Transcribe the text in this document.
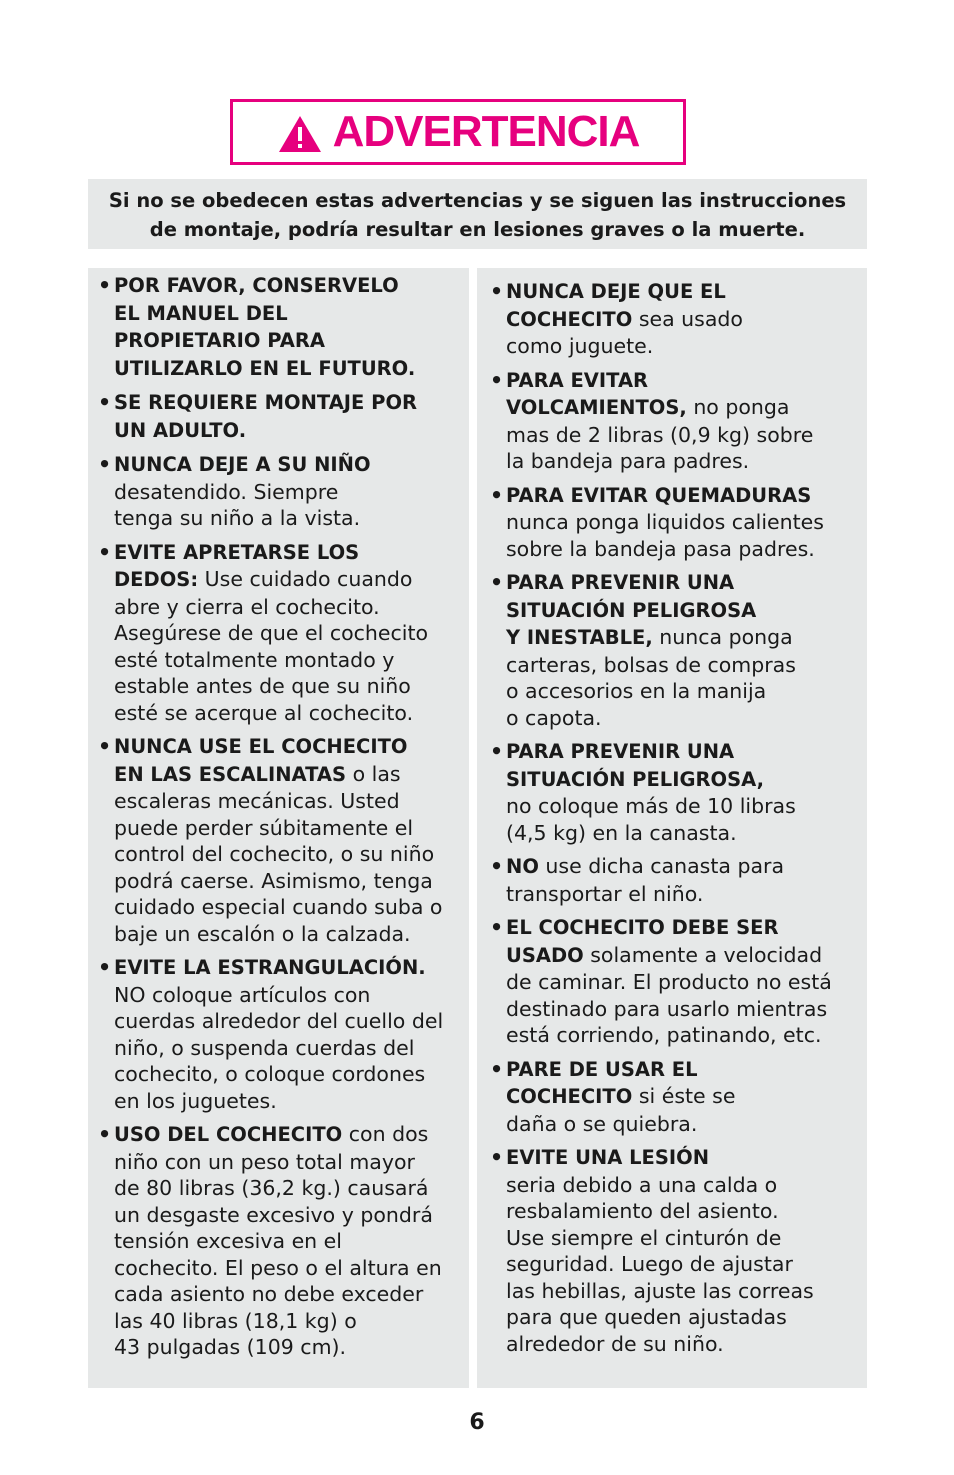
ADVERTENCIA
Si no se obedecen estas advertencias y se siguen las instrucciones
de montaje, podría resultar en lesiones graves o la muerte.
• POR FAVOR, CONSERVELO
EL MANUEL DEL
PROPIETARIO PARA
UTILIZARLO EN EL FUTURO.
• SE REQUIERE MONTAJE POR
UN ADULTO.
• NUNCA DEJE A SU NIÑO
desatendido. Siempre
tenga su niño a la vista.
• EVITE APRETARSE LOS
DEDOS: Use cuidado cuando
abre y cierra el cochecito.
Asegúrese de que el cochecito
esté totalmente montado y
estable antes de que su niño
esté se acerque al cochecito.
• NUNCA USE EL COCHECITO
EN LAS ESCALINATAS o las
escaleras mecánicas. Usted
puede perder súbitamente el
control del cochecito, o su niño
podrá caerse. Asimismo, tenga
cuidado especial cuando suba o
baje un escalón o la calzada.
• EVITE LA ESTRANGULACIÓN.
NO coloque artículos con
cuerdas alrededor del cuello del
niño, o suspenda cuerdas del
cochecito, o coloque cordones
en los juguetes.
• USO DEL COCHECITO con dos
niño con un peso total mayor
de 80 libras (36,2 kg.) causará
un desgaste excesivo y pondrá
tensión excesiva en el
cochecito. El peso o el altura en
cada asiento no debe exceder
las 40 libras (18,1 kg) o
43 pulgadas (109 cm).
• NUNCA DEJE QUE EL
COCHECITO sea usado
como juguete.
• PARA EVITAR
VOLCAMIENTOS, no ponga
mas de 2 libras (0,9 kg) sobre
la bandeja para padres.
• PARA EVITAR QUEMADURAS
nunca ponga liquidos calientes
sobre la bandeja pasa padres.
• PARA PREVENIR UNA
SITUACIÓN PELIGROSA
Y INESTABLE, nunca ponga
carteras, bolsas de compras
o accesorios en la manija
o capota.
• PARA PREVENIR UNA
SITUACIÓN PELIGROSA,
no coloque más de 10 libras
(4,5 kg) en la canasta.
• NO use dicha canasta para
transportar el niño.
• EL COCHECITO DEBE SER
USADO solamente a velocidad
de caminar. El producto no está
destinado para usarlo mientras
está corriendo, patinando, etc.
• PARE DE USAR EL
COCHECITO si éste se
daña o se quiebra.
• EVITE UNA LESIÓN
seria debido a una calda o
resbalamiento del asiento.
Use siempre el cinturón de
seguridad. Luego de ajustar
las hebillas, ajuste las correas
para que queden ajustadas
alrededor de su niño.
6
